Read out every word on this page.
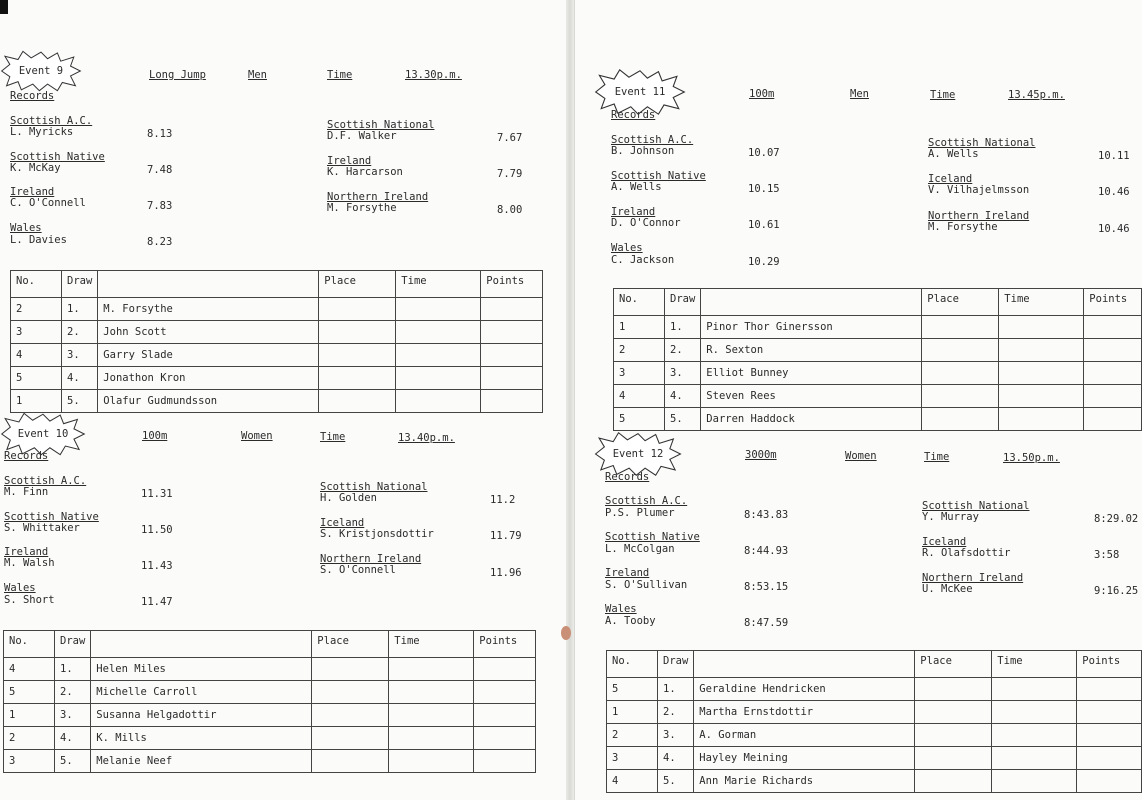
Event 9	Long Jump	Men	Time	13.30p.m.
Records
Scottish A.C.
L. Myricks	8.13
Scottish Native
K. McKay	7.48
Ireland
C. O'Connell	7.83
Wales
L. Davies	8.23
Scottish National
D.F. Walker	7.67
Ireland
K. Harcarson	7.79
Northern Ireland
M. Forsythe	8.00
No.	Draw		Place	Time	Points
2	1.	M. Forsythe			
3	2.	John Scott			
4	3.	Garry Slade			
5	4.	Jonathon Kron			
1	5.	Olafur Gudmundsson			
Event 10	100m	Women	Time	13.40p.m.
Records
Scottish A.C.
M. Finn	11.31
Scottish Native
S. Whittaker	11.50
Ireland
M. Walsh	11.43
Wales
S. Short	11.47
Scottish National
H. Golden	11.2
Iceland
S. Kristjonsdottir	11.79
Northern Ireland
S. O'Connell	11.96
No.	Draw		Place	Time	Points
4	1.	Helen Miles			
5	2.	Michelle Carroll			
1	3.	Susanna Helgadottir			
2	4.	K. Mills			
3	5.	Melanie Neef			
Event 11	100m	Men	Time	13.45p.m.
Records
Scottish A.C.
B. Johnson	10.07
Scottish Native
A. Wells	10.15
Ireland
D. O'Connor	10.61
Wales
C. Jackson	10.29
Scottish National
A. Wells	10.11
Iceland
V. Vilhajelmsson	10.46
Northern Ireland
M. Forsythe	10.46
No.	Draw		Place	Time	Points
1	1.	Pinor Thor Ginersson			
2	2.	R. Sexton			
3	3.	Elliot Bunney			
4	4.	Steven Rees			
5	5.	Darren Haddock			
Event 12	3000m	Women	Time	13.50p.m.
Records
Scottish A.C.
P.S. Plumer	8:43.83
Scottish Native
L. McColgan	8:44.93
Ireland
S. O'Sullivan	8:53.15
Wales
A. Tooby	8:47.59
Scottish National
Y. Murray	8:29.02
Iceland
R. Olafsdottir	3:58
Northern Ireland
U. McKee	9:16.25
No.	Draw		Place	Time	Points
5	1.	Geraldine Hendricken			
1	2.	Martha Ernstdottir			
2	3.	A. Gorman			
3	4.	Hayley Meining			
4	5.	Ann Marie Richards			
